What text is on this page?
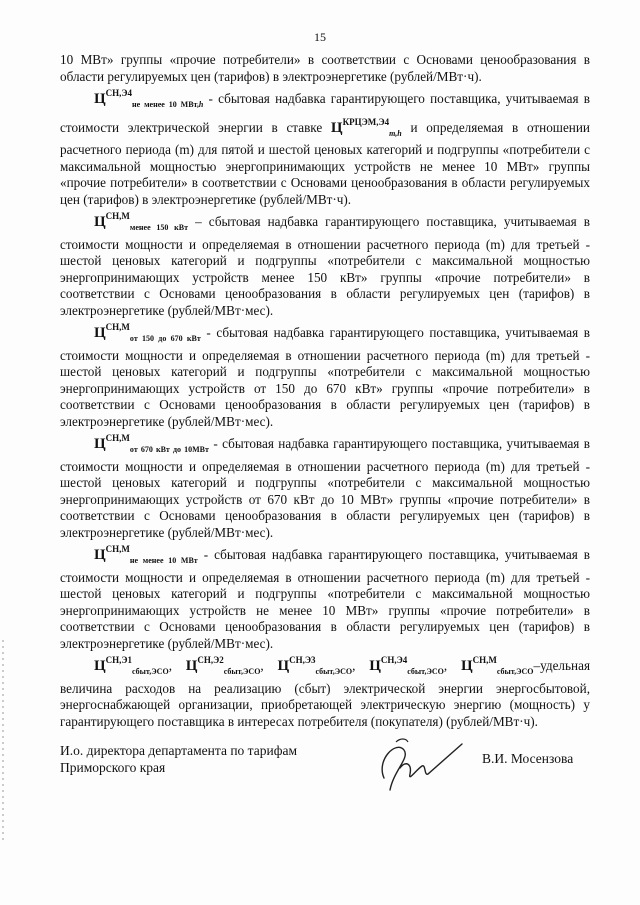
15

10 МВт» группы «прочие потребители» в соответствии с Основами ценообразования в области регулируемых цен (тарифов) в электроэнергетике (рублей/МВт·ч).

$Ц^{СН,Э4}_{не менее 10 МВт,h}$ - сбытовая надбавка гарантирующего поставщика, учитываемая в стоимости электрической энергии в ставке $Ц^{КРЦЭМ,Э4}_{m,h}$ и определяемая в отношении расчетного периода (m) для пятой и шестой ценовых категорий и подгруппы «потребители с максимальной мощностью энергопринимающих устройств не менее 10 МВт» группы «прочие потребители» в соответствии с Основами ценообразования в области регулируемых цен (тарифов) в электроэнергетике (рублей/МВт·ч).

$Ц^{СН,М}_{менее 150 кВт}$ – сбытовая надбавка гарантирующего поставщика, учитываемая в стоимости мощности и определяемая в отношении расчетного периода (m) для третьей - шестой ценовых категорий и подгруппы «потребители с максимальной мощностью энергопринимающих устройств менее 150 кВт» группы «прочие потребители» в соответствии с Основами ценообразования в области регулируемых цен (тарифов) в электроэнергетике (рублей/МВт·мес).

$Ц^{СН,М}_{от 150 до 670 кВт}$ - сбытовая надбавка гарантирующего поставщика, учитываемая в стоимости мощности и определяемая в отношении расчетного периода (m) для третьей - шестой ценовых категорий и подгруппы «потребители с максимальной мощностью энергопринимающих устройств от 150 до 670 кВт» группы «прочие потребители» в соответствии с Основами ценообразования в области регулируемых цен (тарифов) в электроэнергетике (рублей/МВт·мес).

$Ц^{СН,М}_{от 670 кВт до 10МВт}$ - сбытовая надбавка гарантирующего поставщика, учитываемая в стоимости мощности и определяемая в отношении расчетного периода (m) для третьей - шестой ценовых категорий и подгруппы «потребители с максимальной мощностью энергопринимающих устройств от 670 кВт до 10 МВт» группы «прочие потребители» в соответствии с Основами ценообразования в области регулируемых цен (тарифов) в электроэнергетике (рублей/МВт·мес).

$Ц^{СН,М}_{не менее 10 МВт}$ - сбытовая надбавка гарантирующего поставщика, учитываемая в стоимости мощности и определяемая в отношении расчетного периода (m) для третьей - шестой ценовых категорий и подгруппы «потребители с максимальной мощностью энергопринимающих устройств не менее 10 МВт» группы «прочие потребители» в соответствии с Основами ценообразования в области регулируемых цен (тарифов) в электроэнергетике (рублей/МВт·мес).

$Ц^{СН,Э1}_{сбыт,ЭСО}$, $Ц^{СН,Э2}_{сбыт,ЭСО}$, $Ц^{СН,Э3}_{сбыт,ЭСО}$, $Ц^{СН,Э4}_{сбыт,ЭСО}$, $Ц^{СН,М}_{сбыт,ЭСО}$–удельная величина расходов на реализацию (сбыт) электрической энергии энергосбытовой, энергоснабжающей организации, приобретающей электрическую энергию (мощность) у гарантирующего поставщика в интересах потребителя (покупателя) (рублей/МВт·ч).

И.о. директора департамента по тарифам
Приморского края
В.И. Мосензова
